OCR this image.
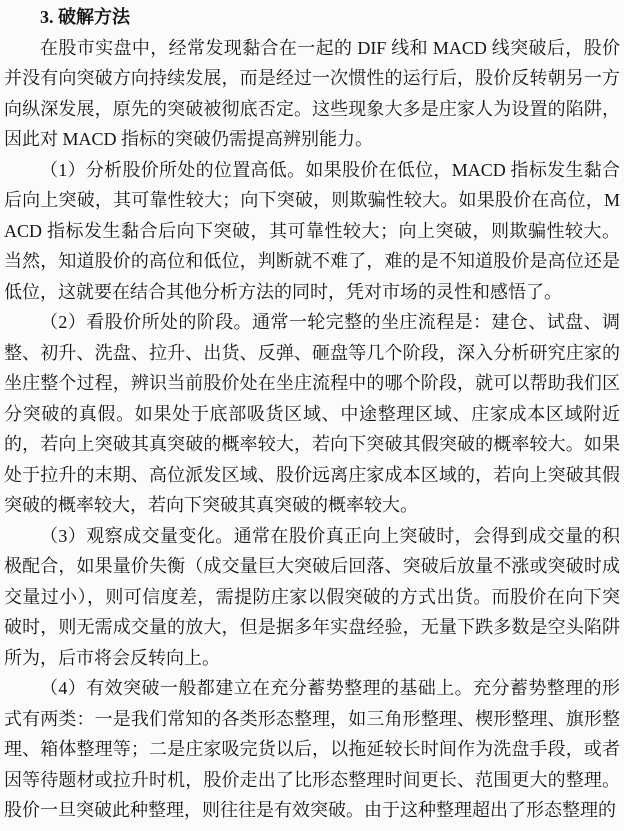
3. 破解方法

在股市实盘中，经常发现黏合在一起的 DIF 线和 MACD 线突破后，股价并没有向突破方向持续发展，而是经过一次惯性的运行后，股价反转朝另一方向纵深发展，原先的突破被彻底否定。这些现象大多是庄家人为设置的陷阱，因此对 MACD 指标的突破仍需提高辨别能力。

（1）分析股价所处的位置高低。如果股价在低位，MACD 指标发生黏合后向上突破，其可靠性较大；向下突破，则欺骗性较大。如果股价在高位，MACD 指标发生黏合后向下突破，其可靠性较大；向上突破，则欺骗性较大。当然，知道股价的高位和低位，判断就不难了，难的是不知道股价是高位还是低位，这就要在结合其他分析方法的同时，凭对市场的灵性和感悟了。

（2）看股价所处的阶段。通常一轮完整的坐庄流程是：建仓、试盘、调整、初升、洗盘、拉升、出货、反弹、砸盘等几个阶段，深入分析研究庄家的坐庄整个过程，辨识当前股价处在坐庄流程中的哪个阶段，就可以帮助我们区分突破的真假。如果处于底部吸货区域、中途整理区域、庄家成本区域附近的，若向上突破其真突破的概率较大，若向下突破其假突破的概率较大。如果处于拉升的末期、高位派发区域、股价远离庄家成本区域的，若向上突破其假突破的概率较大，若向下突破其真突破的概率较大。

（3）观察成交量变化。通常在股价真正向上突破时，会得到成交量的积极配合，如果量价失衡（成交量巨大突破后回落、突破后放量不涨或突破时成交量过小），则可信度差，需提防庄家以假突破的方式出货。而股价在向下突破时，则无需成交量的放大，但是据多年实盘经验，无量下跌多数是空头陷阱所为，后市将会反转向上。

（4）有效突破一般都建立在充分蓄势整理的基础上。充分蓄势整理的形式有两类：一是我们常知的各类形态整理，如三角形整理、楔形整理、旗形整理、箱体整理等；二是庄家吸完货以后，以拖延较长时间作为洗盘手段，或者因等待题材或拉升时机，股价走出了比形态整理时间更长、范围更大的整理。股价一旦突破此种整理，则往往是有效突破。由于这种整理超出了形态整理的
